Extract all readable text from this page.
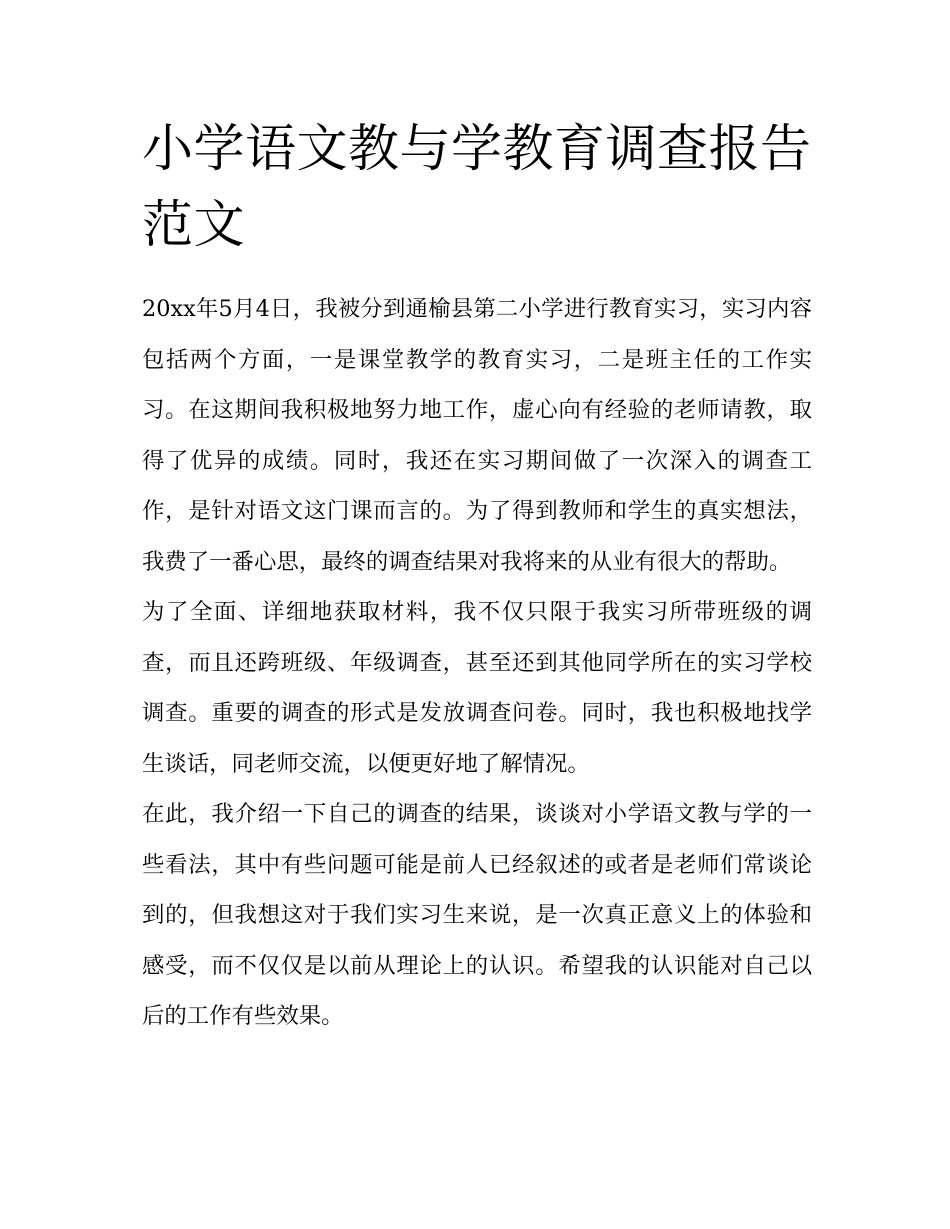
小学语文教与学教育调查报告范文

20xx年5月4日，我被分到通榆县第二小学进行教育实习，实习内容包括两个方面，一是课堂教学的教育实习，二是班主任的工作实习。在这期间我积极地努力地工作，虚心向有经验的老师请教，取得了优异的成绩。同时，我还在实习期间做了一次深入的调查工作，是针对语文这门课而言的。为了得到教师和学生的真实想法，我费了一番心思，最终的调查结果对我将来的从业有很大的帮助。

为了全面、详细地获取材料，我不仅只限于我实习所带班级的调查，而且还跨班级、年级调查，甚至还到其他同学所在的实习学校调查。重要的调查的形式是发放调查问卷。同时，我也积极地找学生谈话，同老师交流，以便更好地了解情况。

在此，我介绍一下自己的调查的结果，谈谈对小学语文教与学的一些看法，其中有些问题可能是前人已经叙述的或者是老师们常谈论到的，但我想这对于我们实习生来说，是一次真正意义上的体验和感受，而不仅仅是以前从理论上的认识。希望我的认识能对自己以后的工作有些效果。
